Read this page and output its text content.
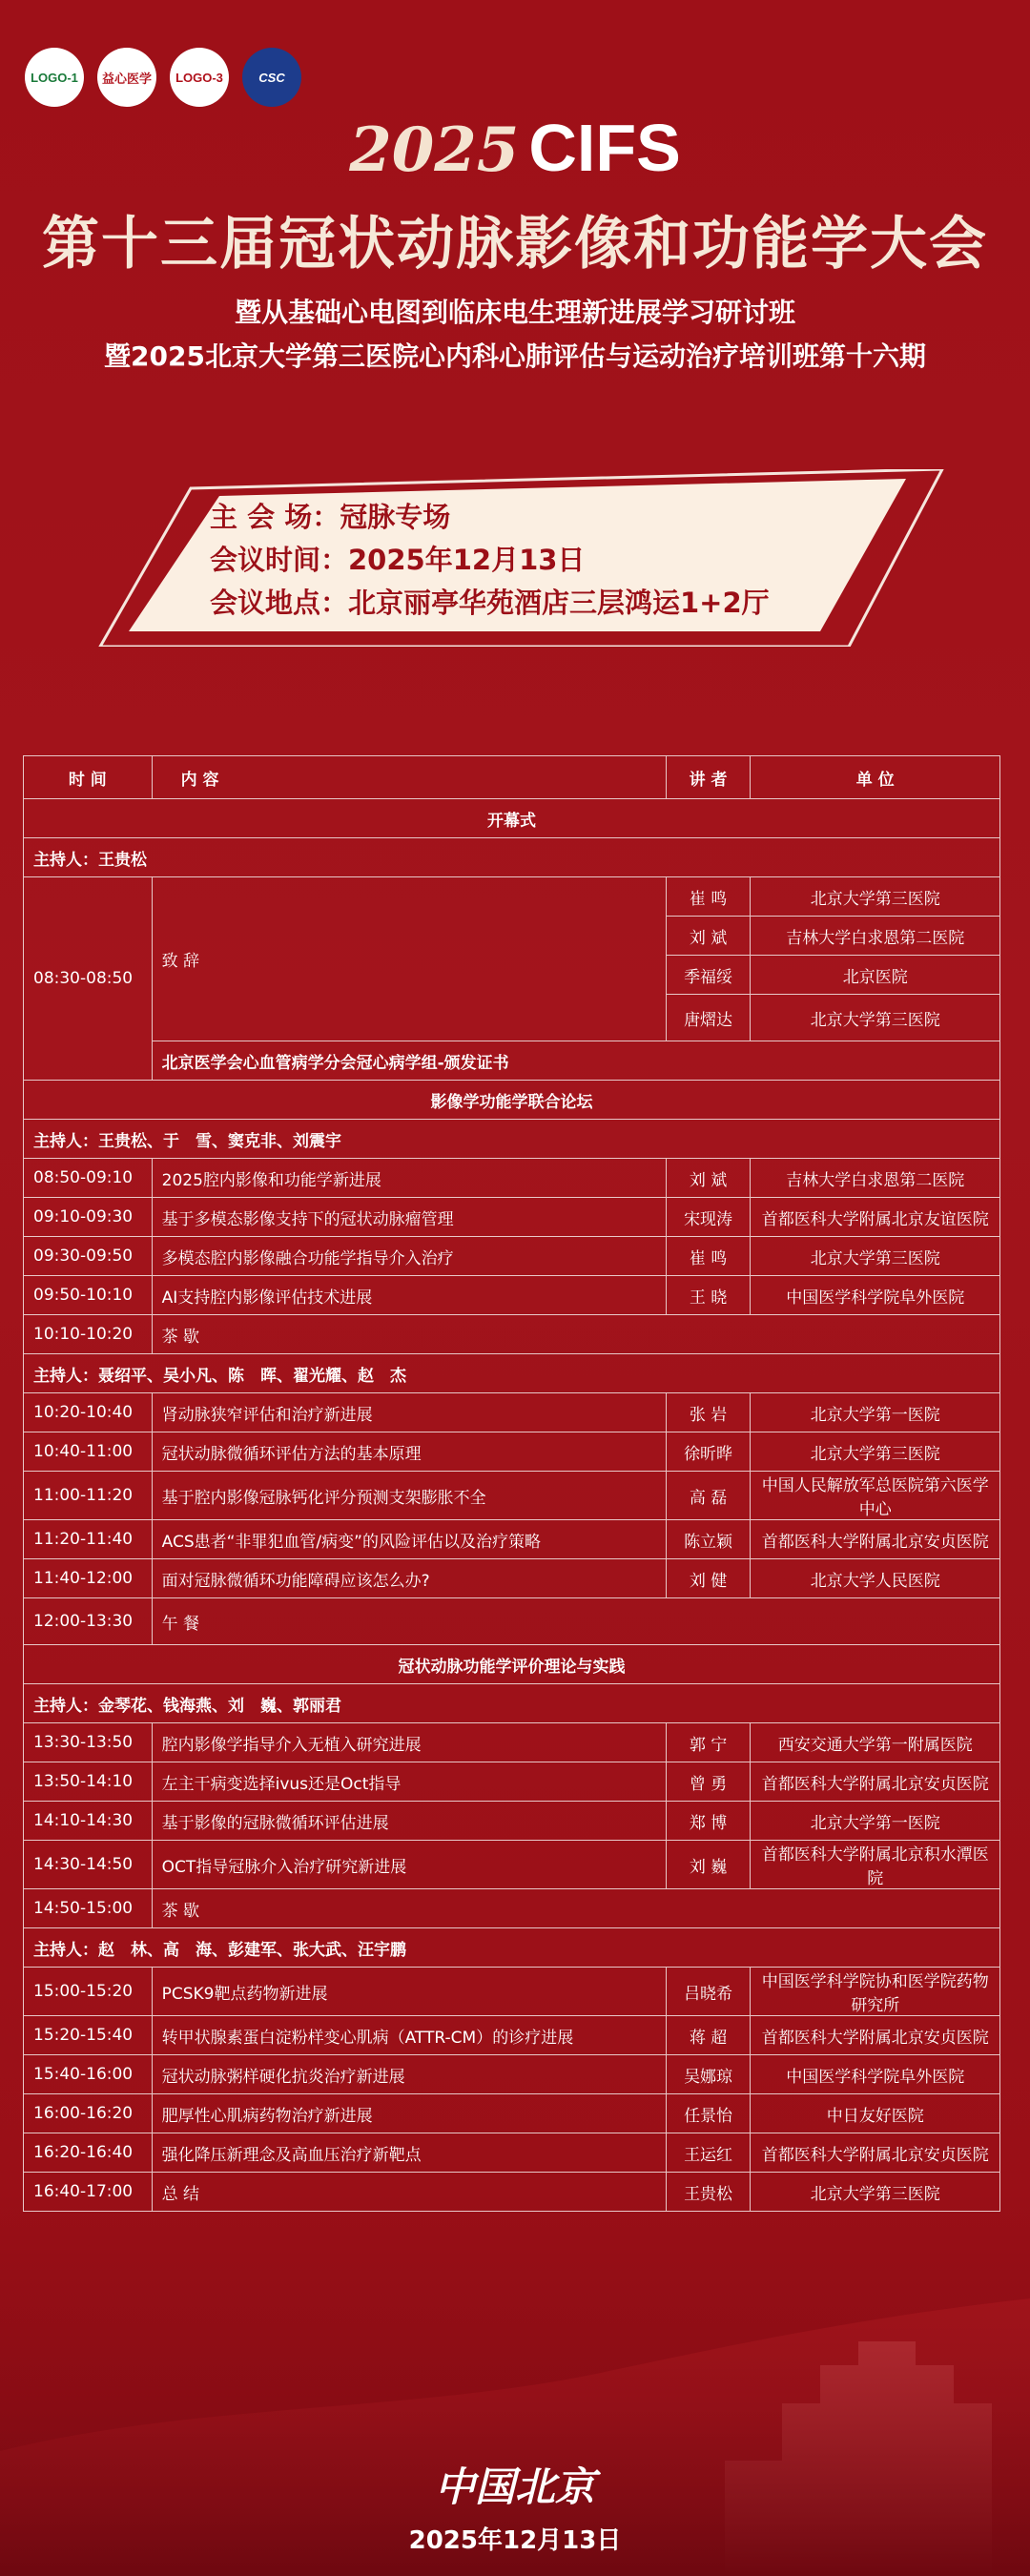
LOGO-1 益心医学 LOGO-3	CSC
2025 CIFS
第十三届冠状动脉影像和功能学大会
暨从基础心电图到临床电生理新进展学习研讨班
暨2025北京大学第三医院心内科心肺评估与运动治疗培训班第十六期
主 会 场：冠脉专场
会议时间：2025年12月13日
会议地点：北京丽亭华苑酒店三层鸿运1+2厅
时 间	内 容	讲 者	单 位
开幕式			
主持人：王贵松			
08:30-08:50	致 辞	崔 鸣	北京大学第三医院
		刘 斌	吉林大学白求恩第二医院
		季福绥	北京医院
		唐熠达	北京大学第三医院
	北京医学会心血管病学分会冠心病学组-颁发证书		
影像学功能学联合论坛			
主持人：王贵松、于　雪、窦克非、刘震宇			
08:50-09:10	2025腔内影像和功能学新进展	刘 斌	吉林大学白求恩第二医院
09:10-09:30	基于多模态影像支持下的冠状动脉瘤管理	宋现涛	首都医科大学附属北京友谊医院
09:30-09:50	多模态腔内影像融合功能学指导介入治疗	崔 鸣	北京大学第三医院
09:50-10:10	AI支持腔内影像评估技术进展	王 晓	中国医学科学院阜外医院
10:10-10:20	茶 歇		
主持人：聂绍平、吴小凡、陈　晖、翟光耀、赵　杰			
10:20-10:40	肾动脉狭窄评估和治疗新进展	张 岩	北京大学第一医院
10:40-11:00	冠状动脉微循环评估方法的基本原理	徐昕晔	北京大学第三医院
11:00-11:20	基于腔内影像冠脉钙化评分预测支架膨胀不全	高 磊	中国人民解放军总医院第六医学中心
11:20-11:40	ACS患者“非罪犯血管/病变”的风险评估以及治疗策略	陈立颖	首都医科大学附属北京安贞医院
11:40-12:00	面对冠脉微循环功能障碍应该怎么办?	刘 健	北京大学人民医院
12:00-13:30	午 餐		
冠状动脉功能学评价理论与实践			
主持人：金琴花、钱海燕、刘　巍、郭丽君			
13:30-13:50	腔内影像学指导介入无植入研究进展	郭 宁	西安交通大学第一附属医院
13:50-14:10	左主干病变选择ivus还是Oct指导	曾 勇	首都医科大学附属北京安贞医院
14:10-14:30	基于影像的冠脉微循环评估进展	郑 博	北京大学第一医院
14:30-14:50	OCT指导冠脉介入治疗研究新进展	刘 巍	首都医科大学附属北京积水潭医院
14:50-15:00	茶 歇		
主持人：赵　林、高　海、彭建军、张大武、汪宇鹏			
15:00-15:20	PCSK9靶点药物新进展	吕晓希	中国医学科学院协和医学院药物研究所
15:20-15:40	转甲状腺素蛋白淀粉样变心肌病（ATTR-CM）的诊疗进展	蒋 超	首都医科大学附属北京安贞医院
15:40-16:00	冠状动脉粥样硬化抗炎治疗新进展	吴娜琼	中国医学科学院阜外医院
16:00-16:20	肥厚性心肌病药物治疗新进展	任景怡	中日友好医院
16:20-16:40	强化降压新理念及高血压治疗新靶点	王运红	首都医科大学附属北京安贞医院
16:40-17:00	总 结	王贵松	北京大学第三医院
中国北京
2025年12月13日
